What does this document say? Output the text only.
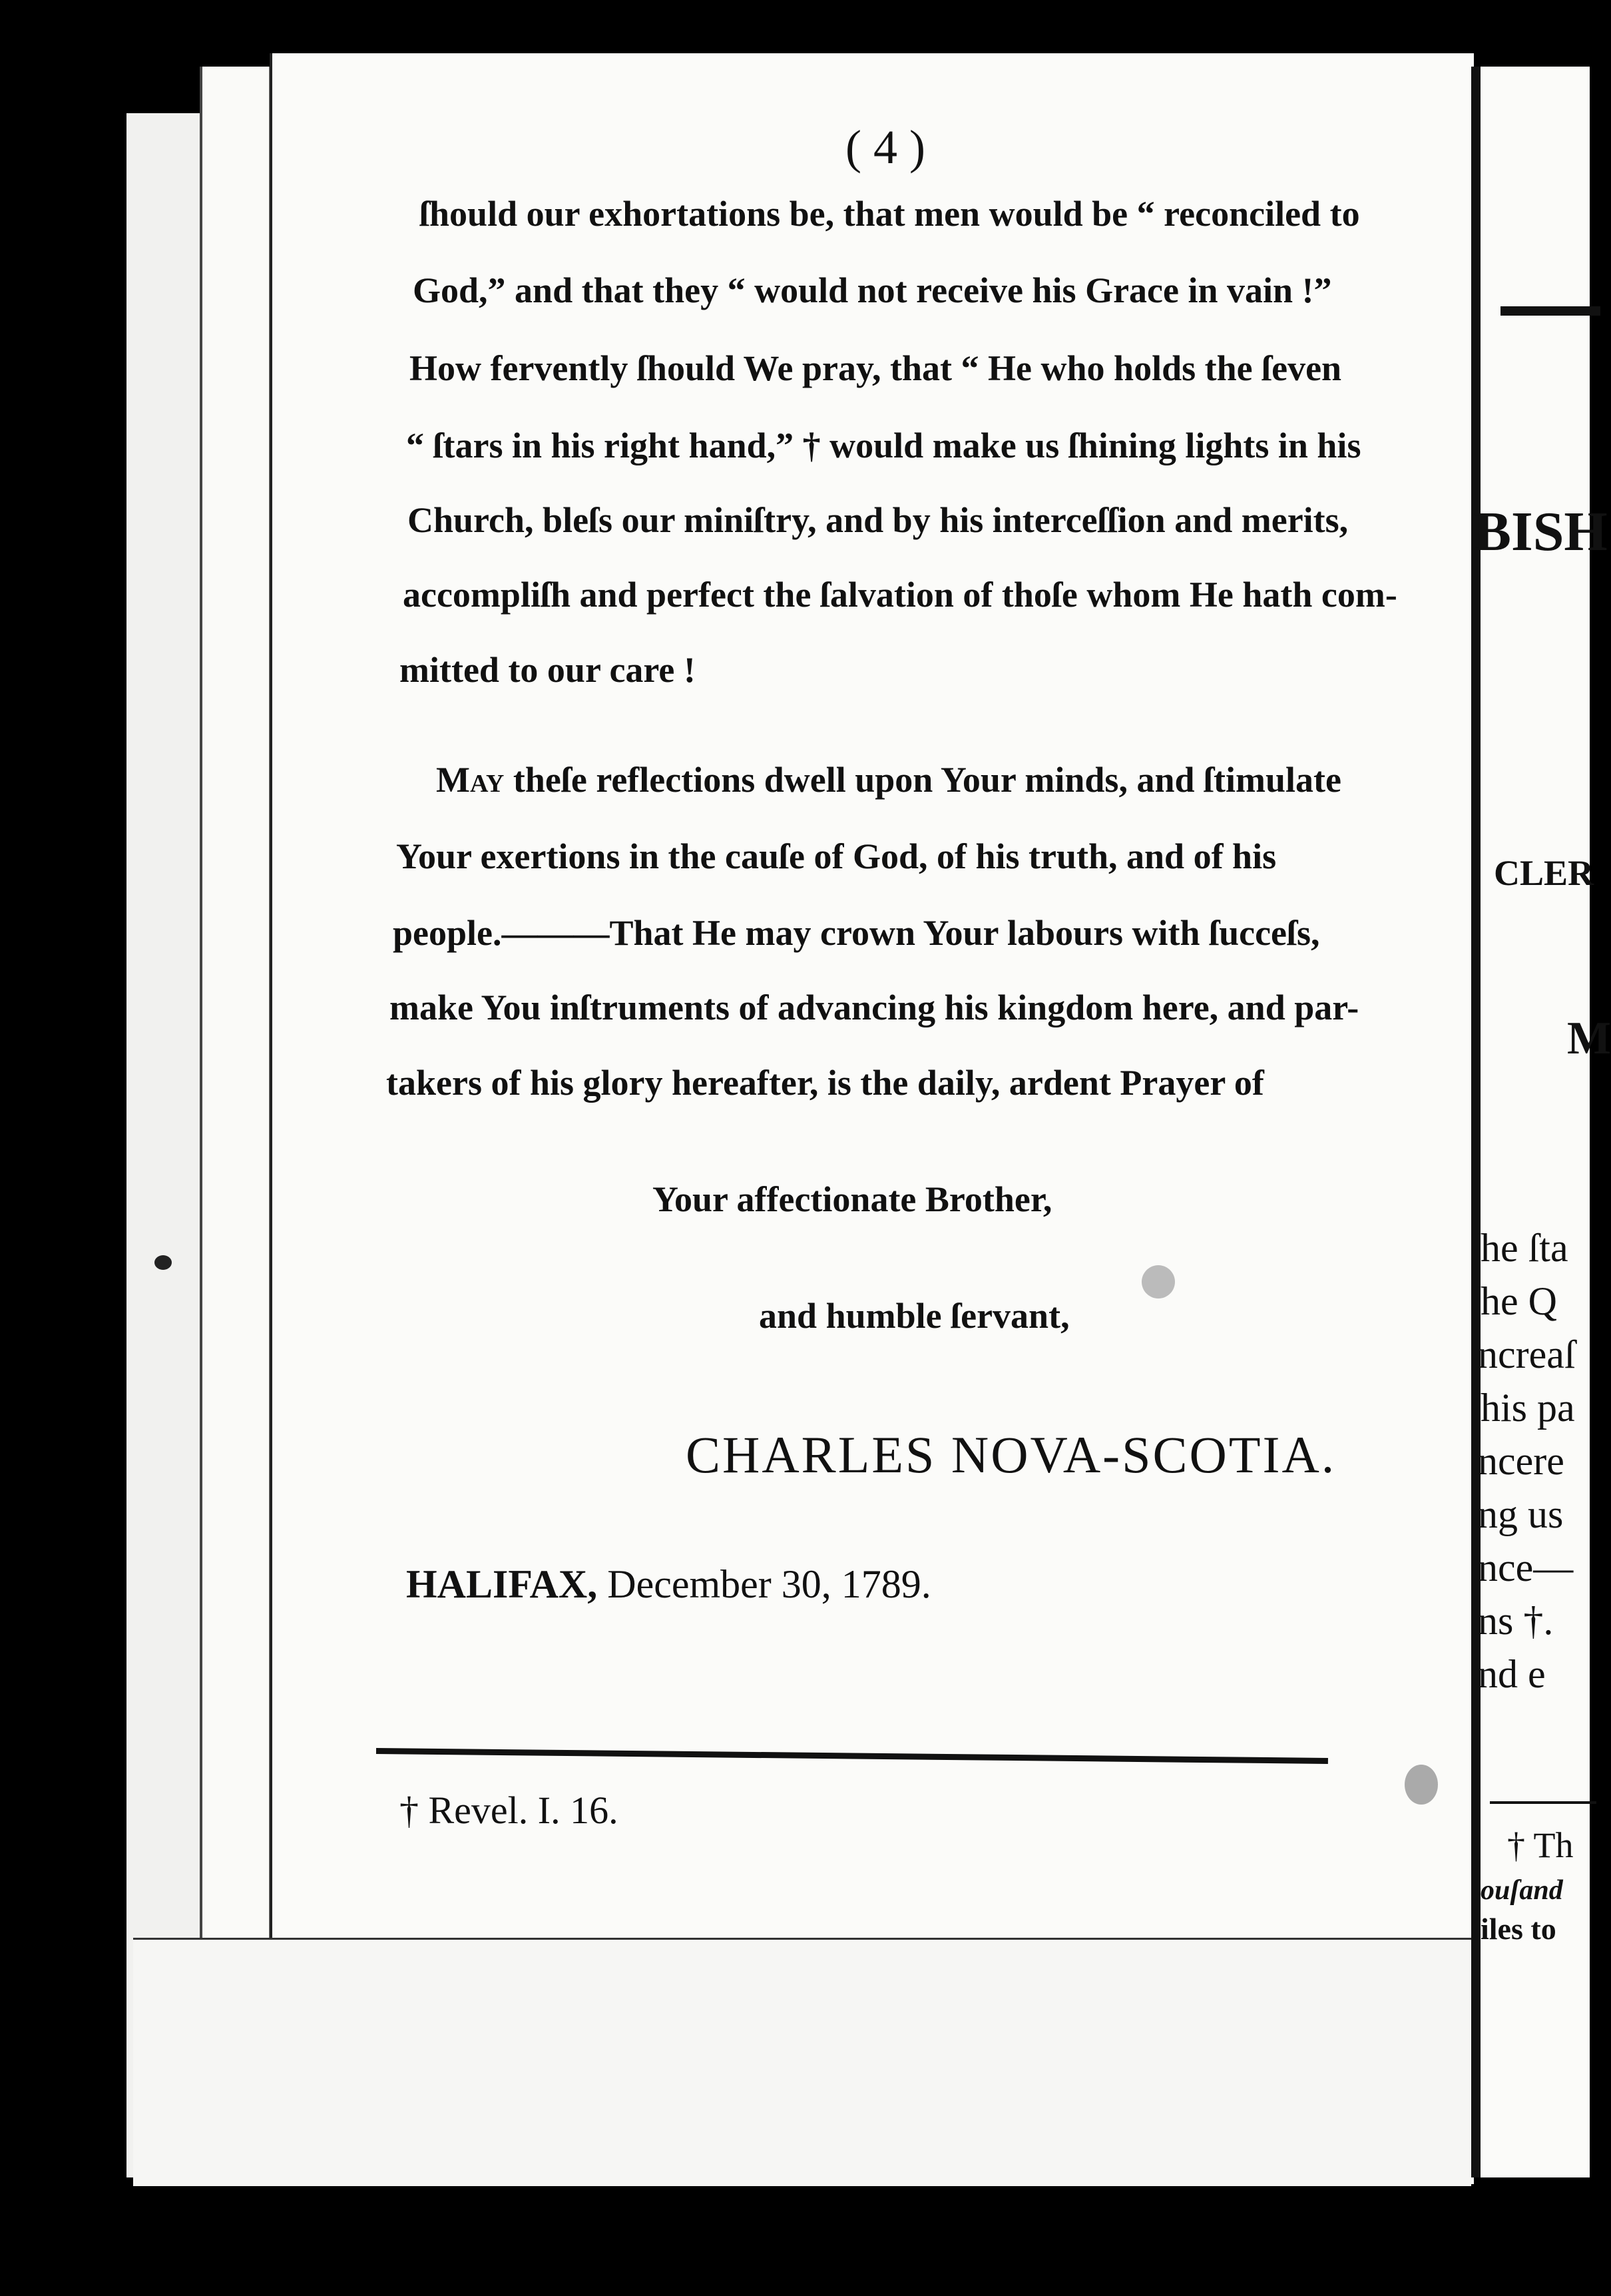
( 4 )
ſhould our exhortations be, that men would be “ reconciled to
God,” and that they “ would not receive his Grace in vain !”
How fervently ſhould We pray, that “ He who holds the ſeven
“ ſtars in his right hand,” † would make us ſhining lights in his
Church, bleſs our miniſtry, and by his interceſſion and merits,
accompliſh and perfect the ſalvation of thoſe whom He hath com-
mitted to our care !
May theſe reflections dwell upon Your minds, and ſtimulate
Your exertions in the cauſe of God, of his truth, and of his
people.———That He may crown Your labours with ſucceſs,
make You inſtruments of advancing his kingdom here, and par-
takers of his glory hereafter, is the daily, ardent Prayer of
Your affectionate Brother,
and humble ſervant,
CHARLES NOVA-SCOTIA.
HALIFAX, December 30, 1789.
† Revel. I. 16.
BISH
CLER
M
he ſta
he Q
ncreaſ
his pa
ncere
ng us
nce—
ns †.
nd e
† Th
ouſand
iles to
